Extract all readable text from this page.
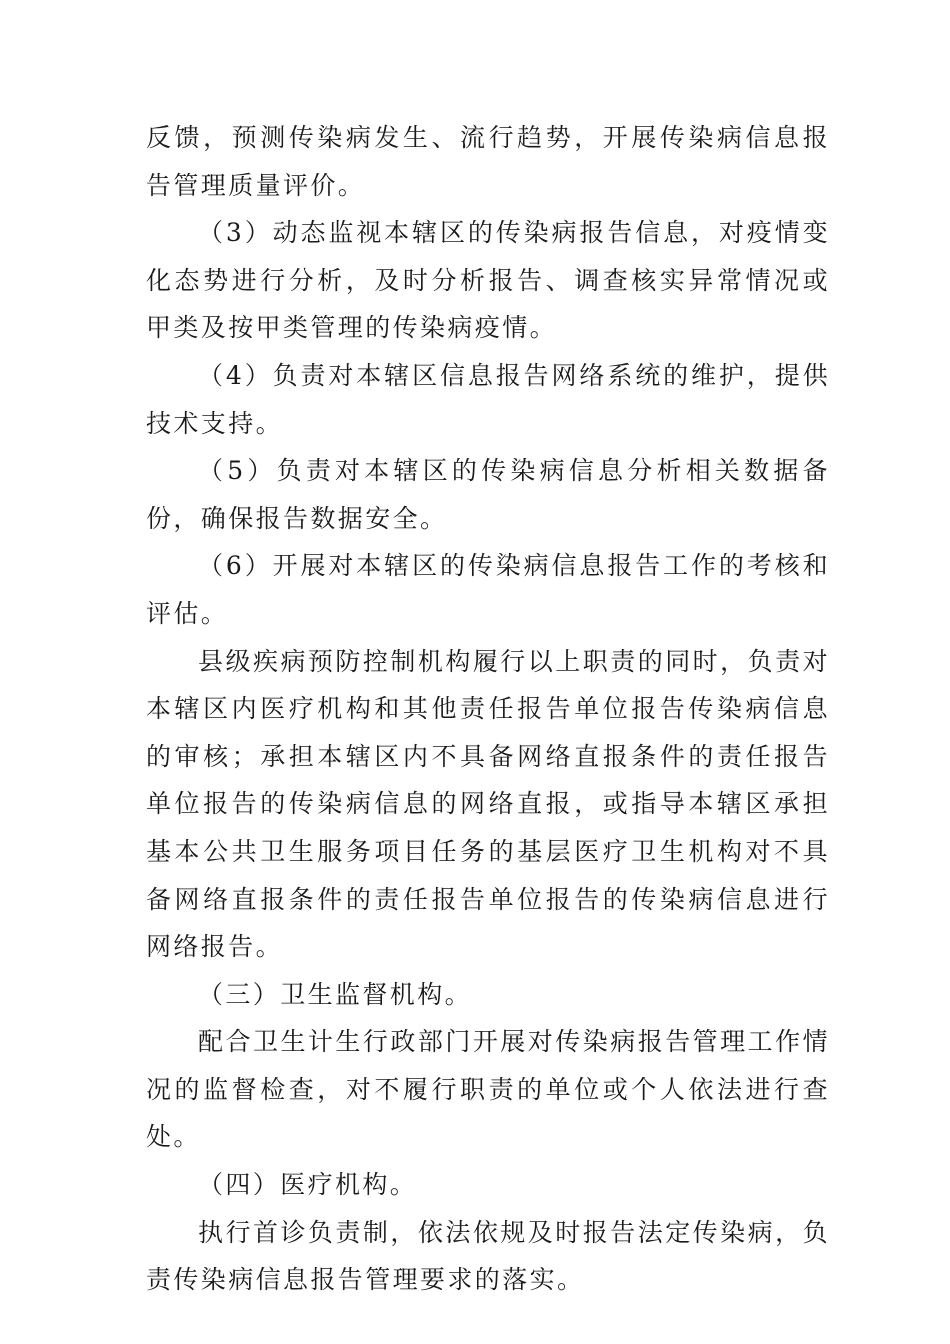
反馈，预测传染病发生、流行趋势，开展传染病信息报告管理质量评价。

（3）动态监视本辖区的传染病报告信息，对疫情变化态势进行分析，及时分析报告、调查核实异常情况或甲类及按甲类管理的传染病疫情。

（4）负责对本辖区信息报告网络系统的维护，提供技术支持。

（5）负责对本辖区的传染病信息分析相关数据备份，确保报告数据安全。

（6）开展对本辖区的传染病信息报告工作的考核和评估。

县级疾病预防控制机构履行以上职责的同时，负责对本辖区内医疗机构和其他责任报告单位报告传染病信息的审核；承担本辖区内不具备网络直报条件的责任报告单位报告的传染病信息的网络直报，或指导本辖区承担基本公共卫生服务项目任务的基层医疗卫生机构对不具备网络直报条件的责任报告单位报告的传染病信息进行网络报告。

（三）卫生监督机构。

配合卫生计生行政部门开展对传染病报告管理工作情况的监督检查，对不履行职责的单位或个人依法进行查处。

（四）医疗机构。

执行首诊负责制，依法依规及时报告法定传染病，负责传染病信息报告管理要求的落实。
